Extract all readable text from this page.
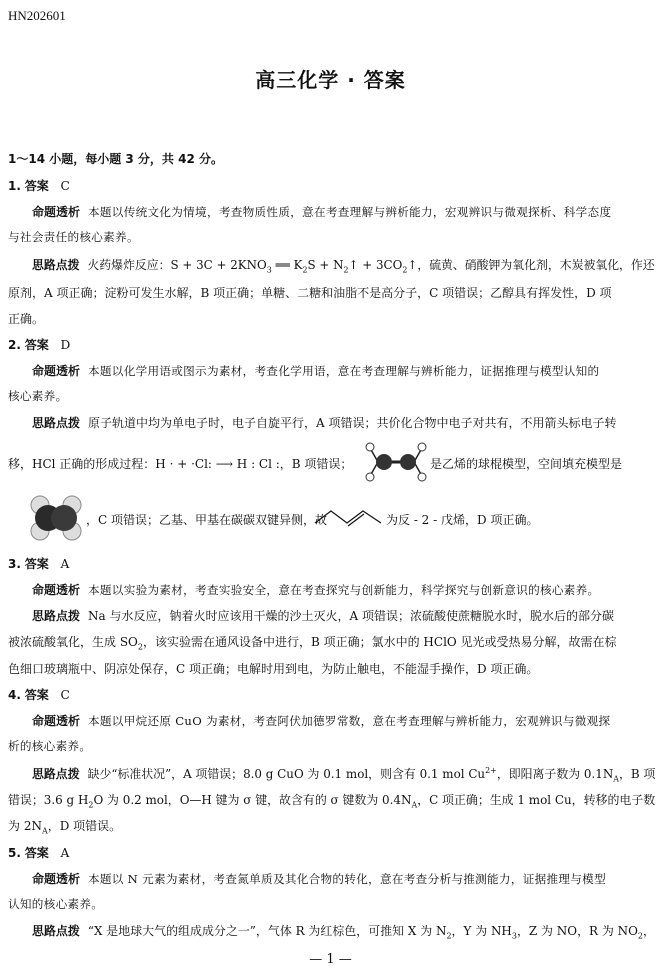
HN202601
高三化学 · 答案
1～14 小题，每小题 3 分，共 42 分。
1. 答案 C
命题透析 本题以传统文化为情境，考查物质性质，意在考查理解与辨析能力，宏观辨识与微观探析、科学态度
与社会责任的核心素养。
思路点拨 火药爆炸反应：$S + 3C + 2KNO_3$ ══ $K_2S$ + $N_2↑$ + $3CO_2↑$，硫黄、硝酸钾为氧化剂，木炭被氧化，作还
原剂，A 项正确；淀粉可发生水解，B 项正确；单糖、二糖和油脂不是高分子，C 项错误；乙醇具有挥发性，D 项
正确。
2. 答案 D
命题透析 本题以化学用语或图示为素材，考查化学用语，意在考查理解与辨析能力，证据推理与模型认知的
核心素养。
思路点拨 原子轨道中均为单电子时，电子自旋平行，A 项错误；共价化合物中电子对共有，不用箭头标电子转
移，HCl 正确的形成过程：H · + ·Cl: ⟶ H : Cl :，B 项错误；	是乙烯的球棍模型，空间填充模型是
，C 项错误；乙基、甲基在碳碳双键异侧，故	为反 - 2 - 戊烯，D 项正确。
3. 答案 A
命题透析 本题以实验为素材，考查实验安全，意在考查探究与创新能力，科学探究与创新意识的核心素养。
思路点拨 Na 与水反应，钠着火时应该用干燥的沙土灭火，A 项错误；浓硫酸使蔗糖脱水时，脱水后的部分碳
被浓硫酸氧化，生成 $SO_2$，该实验需在通风设备中进行，B 项正确；氯水中的 HClO 见光或受热易分解，故需在棕
色细口玻璃瓶中、阴凉处保存，C 项正确；电解时用到电，为防止触电，不能湿手操作，D 项正确。
4. 答案 C
命题透析 本题以甲烷还原 CuO 为素材，考查阿伏加德罗常数，意在考查理解与辨析能力，宏观辨识与微观探
析的核心素养。
思路点拨 缺少“标准状况”，A 项错误；8.0 g CuO 为 0.1 mol，则含有 0.1 mol $Cu^{2+}$，即阳离子数为 $0.1N_A$，B 项
错误；3.6 g $H_2O$ 为 0.2 mol，O—H 键为 σ 键，故含有的 σ 键数为 $0.4N_A$，C 项正确；生成 1 mol Cu，转移的电子数
为 $2N_A$，D 项错误。
5. 答案 A
命题透析 本题以 N 元素为素材，考查氮单质及其化合物的转化，意在考查分析与推测能力，证据推理与模型
认知的核心素养。
思路点拨 “X 是地球大气的组成成分之一”，气体 R 为红棕色，可推知 X 为 $N_2$，Y 为 $NH_3$，Z 为 NO，R 为 $NO_2$，
— 1 —
